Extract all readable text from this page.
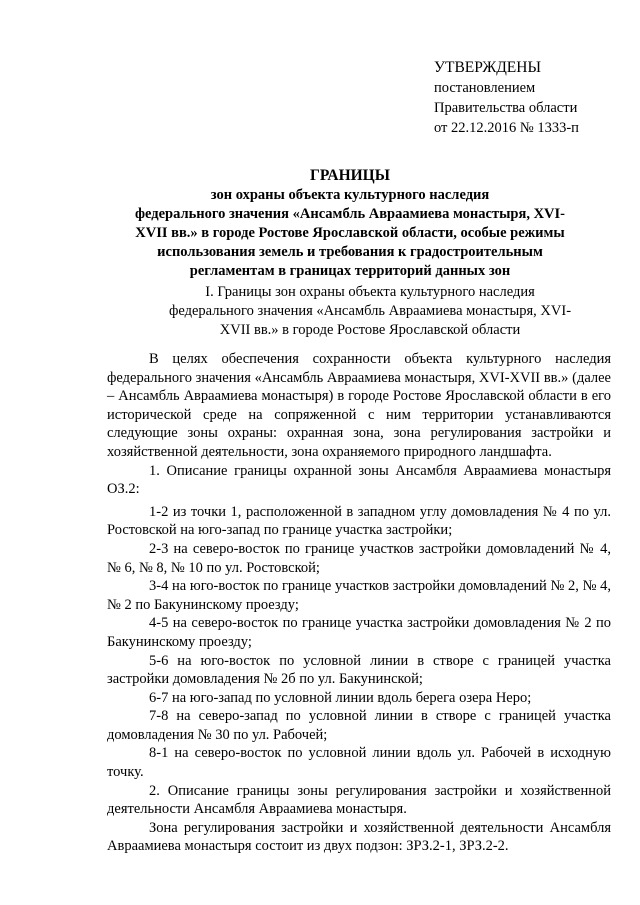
УТВЕРЖДЕНЫ
постановлением
Правительства области
от 22.12.2016 № 1333-п
ГРАНИЦЫ
зон охраны объекта культурного наследия
федерального значения «Ансамбль Авраамиева монастыря, XVI-
XVII вв.» в городе Ростове Ярославской области, особые режимы
использования земель и требования к градостроительным
регламентам в границах территорий данных зон
I. Границы зон охраны объекта культурного наследия
федерального значения «Ансамбль Авраамиева монастыря, XVI-
XVII вв.» в городе Ростове Ярославской области

В целях обеспечения сохранности объекта культурного наследия федерального значения «Ансамбль Авраамиева монастыря, XVI-XVII вв.» (далее – Ансамбль Авраамиева монастыря) в городе Ростове Ярославской области в его исторической среде на сопряженной с ним территории устанавливаются следующие зоны охраны: охранная зона, зона регулирования застройки и хозяйственной деятельности, зона охраняемого природного ландшафта.

1. Описание границы охранной зоны Ансамбля Авраамиева монастыря ОЗ.2:

1-2 из точки 1, расположенной в западном углу домовладения № 4 по ул. Ростовской на юго-запад по границе участка застройки;

2-3 на северо-восток по границе участков застройки домовладений № 4, № 6, № 8, № 10 по ул. Ростовской;

3-4 на юго-восток по границе участков застройки домовладений № 2, № 4, № 2 по Бакунинскому проезду;

4-5 на северо-восток по границе участка застройки домовладения № 2 по Бакунинскому проезду;

5-6 на юго-восток по условной линии в створе с границей участка застройки домовладения № 2б по ул. Бакунинской;

6-7 на юго-запад по условной линии вдоль берега озера Неро;

7-8 на северо-запад по условной линии в створе с границей участка домовладения № 30 по ул. Рабочей;

8-1 на северо-восток по условной линии вдоль ул. Рабочей в исходную точку.

2. Описание границы зоны регулирования застройки и хозяйственной деятельности Ансамбля Авраамиева монастыря.

Зона регулирования застройки и хозяйственной деятельности Ансамбля Авраамиева монастыря состоит из двух подзон: ЗРЗ.2-1, ЗРЗ.2-2.
